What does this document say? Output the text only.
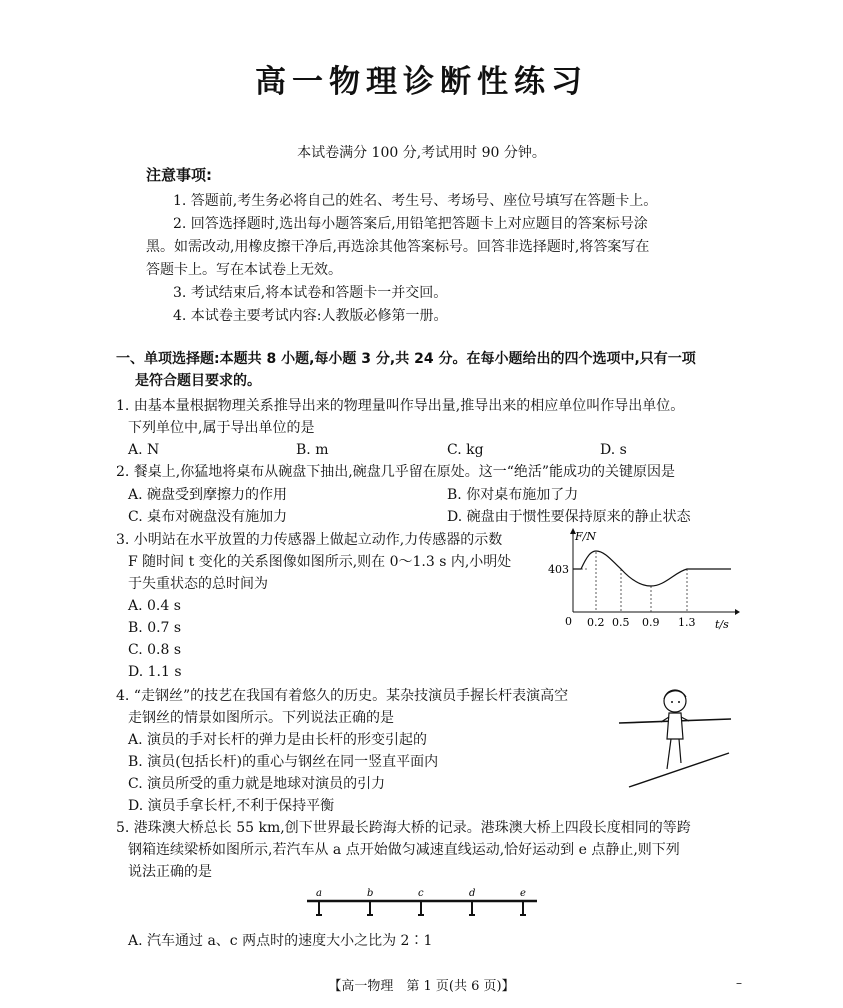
高一物理诊断性练习
本试卷满分 100 分,考试用时 90 分钟。
注意事项:
1. 答题前,考生务必将自己的姓名、考生号、考场号、座位号填写在答题卡上。
2. 回答选择题时,选出每小题答案后,用铅笔把答题卡上对应题目的答案标号涂
黑。如需改动,用橡皮擦干净后,再选涂其他答案标号。回答非选择题时,将答案写在
答题卡上。写在本试卷上无效。
3. 考试结束后,将本试卷和答题卡一并交回。
4. 本试卷主要考试内容:人教版必修第一册。
一、单项选择题:本题共 8 小题,每小题 3 分,共 24 分。在每小题给出的四个选项中,只有一项
是符合题目要求的。
1. 由基本量根据物理关系推导出来的物理量叫作导出量,推导出来的相应单位叫作导出单位。
下列单位中,属于导出单位的是
A. N	B. m	C. kg	D. s
2. 餐桌上,你猛地将桌布从碗盘下抽出,碗盘几乎留在原处。这一“绝活”能成功的关键原因是
A. 碗盘受到摩擦力的作用	B. 你对桌布施加了力
C. 桌布对碗盘没有施加力	D. 碗盘由于惯性要保持原来的静止状态
3. 小明站在水平放置的力传感器上做起立动作,力传感器的示数
F 随时间 t 变化的关系图像如图所示,则在 0～1.3 s 内,小明处
于失重状态的总时间为
A. 0.4 s
B. 0.7 s
C. 0.8 s
D. 1.1 s
F/N
t/s
0
403
0.2 0.5 0.9 1.3
4. “走钢丝”的技艺在我国有着悠久的历史。某杂技演员手握长杆表演高空
走钢丝的情景如图所示。下列说法正确的是
A. 演员的手对长杆的弹力是由长杆的形变引起的
B. 演员(包括长杆)的重心与钢丝在同一竖直平面内
C. 演员所受的重力就是地球对演员的引力
D. 演员手拿长杆,不利于保持平衡
5. 港珠澳大桥总长 55 km,创下世界最长跨海大桥的记录。港珠澳大桥上四段长度相同的等跨
钢箱连续梁桥如图所示,若汽车从 a 点开始做匀减速直线运动,恰好运动到 e 点静止,则下列
说法正确的是
a	b	c	d	e
A. 汽车通过 a、c 两点时的速度大小之比为 2∶1
【高一物理　第 1 页(共 6 页)】	–
